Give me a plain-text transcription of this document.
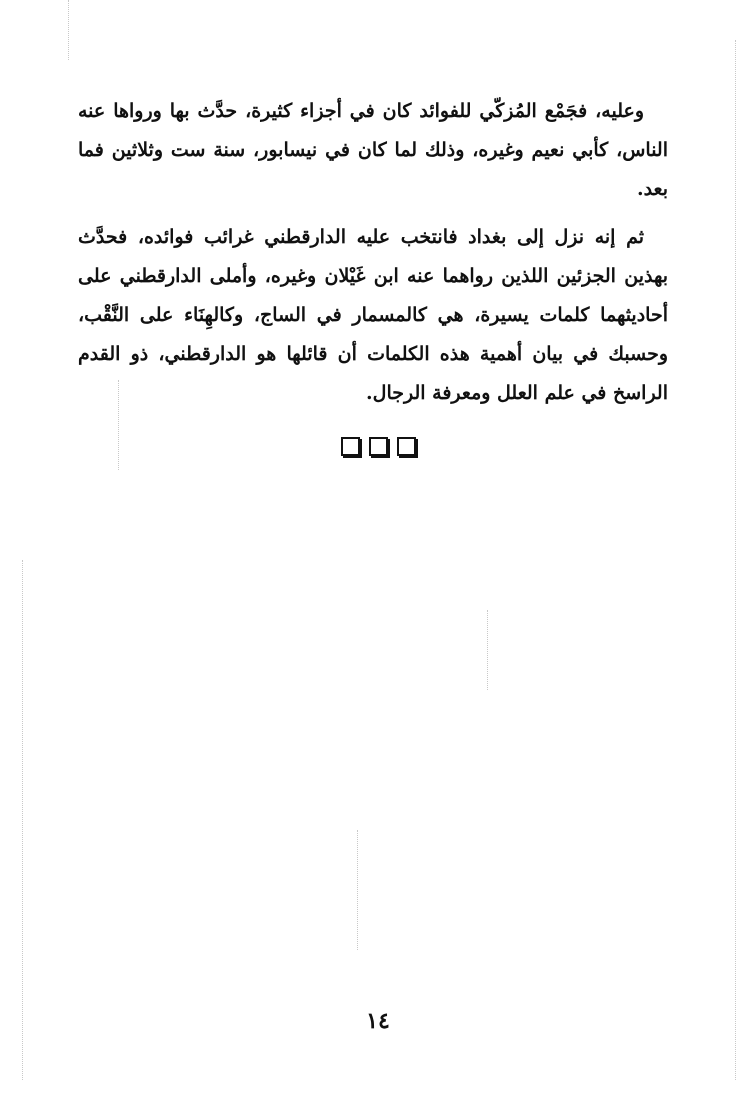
وعليه، فجَمْع المُزكّي للفوائد كان في أجزاء كثيرة، حدَّث بها ورواها عنه الناس، كأبي نعيم وغيره، وذلك لما كان في نيسابور، سنة ست وثلاثين فما بعد.

ثم إنه نزل إلى بغداد فانتخب عليه الدارقطني غرائب فوائده، فحدَّث بهذين الجزئين اللذين رواهما عنه ابن غَيْلان وغيره، وأملى الدارقطني على أحاديثهما كلمات يسيرة، هي كالمسمار في الساج، وكالهِنَاء على النَّقْب، وحسبك في بيان أهمية هذه الكلمات أن قائلها هو الدارقطني، ذو القدم الراسخ في علم العلل ومعرفة الرجال.

١٤
